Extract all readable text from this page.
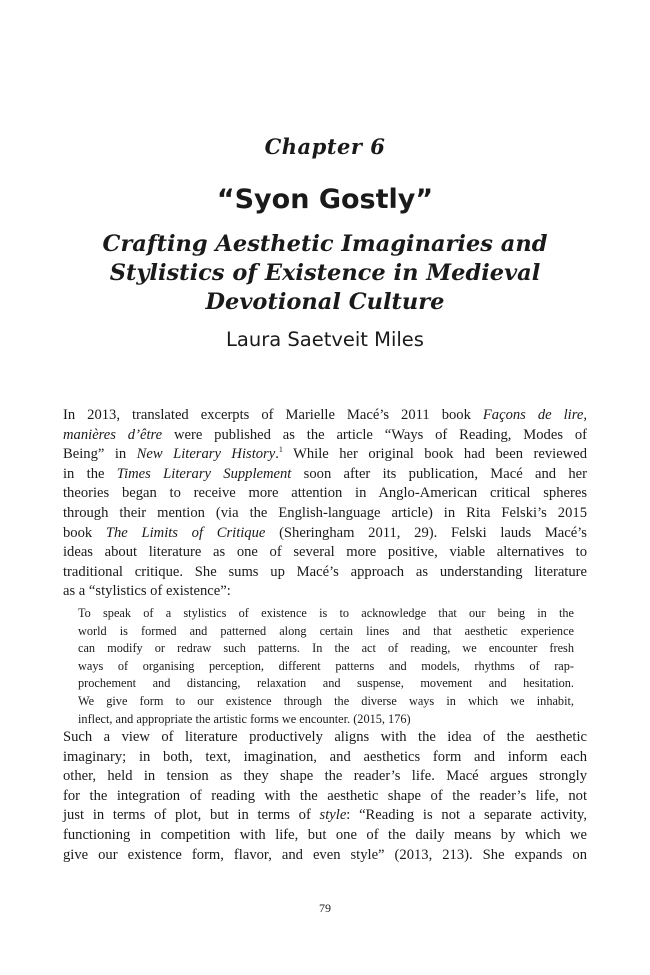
Chapter 6
“Syon Gostly”
Crafting Aesthetic Imaginaries and
Stylistics of Existence in Medieval
Devotional Culture
Laura Saetveit Miles
In 2013, translated excerpts of Marielle Macé’s 2011 book Façons de lire,
manières d’être were published as the article “Ways of Reading, Modes of
Being” in New Literary History.$^1$ While her original book had been reviewed
in the Times Literary Supplement soon after its publication, Macé and her
theories began to receive more attention in Anglo-American critical spheres
through their mention (via the English-language article) in Rita Felski’s 2015
book The Limits of Critique (Sheringham 2011, 29). Felski lauds Macé’s
ideas about literature as one of several more positive, viable alternatives to
traditional critique. She sums up Macé’s approach as understanding literature
as a “stylistics of existence”:
To speak of a stylistics of existence is to acknowledge that our being in the
world is formed and patterned along certain lines and that aesthetic experience
can modify or redraw such patterns. In the act of reading, we encounter fresh
ways of organising perception, different patterns and models, rhythms of rap-
prochement and distancing, relaxation and suspense, movement and hesitation.
We give form to our existence through the diverse ways in which we inhabit,
inflect, and appropriate the artistic forms we encounter. (2015, 176)
Such a view of literature productively aligns with the idea of the aesthetic
imaginary; in both, text, imagination, and aesthetics form and inform each
other, held in tension as they shape the reader’s life. Macé argues strongly
for the integration of reading with the aesthetic shape of the reader’s life, not
just in terms of plot, but in terms of style: “Reading is not a separate activity,
functioning in competition with life, but one of the daily means by which we
give our existence form, flavor, and even style” (2013, 213). She expands on
79
